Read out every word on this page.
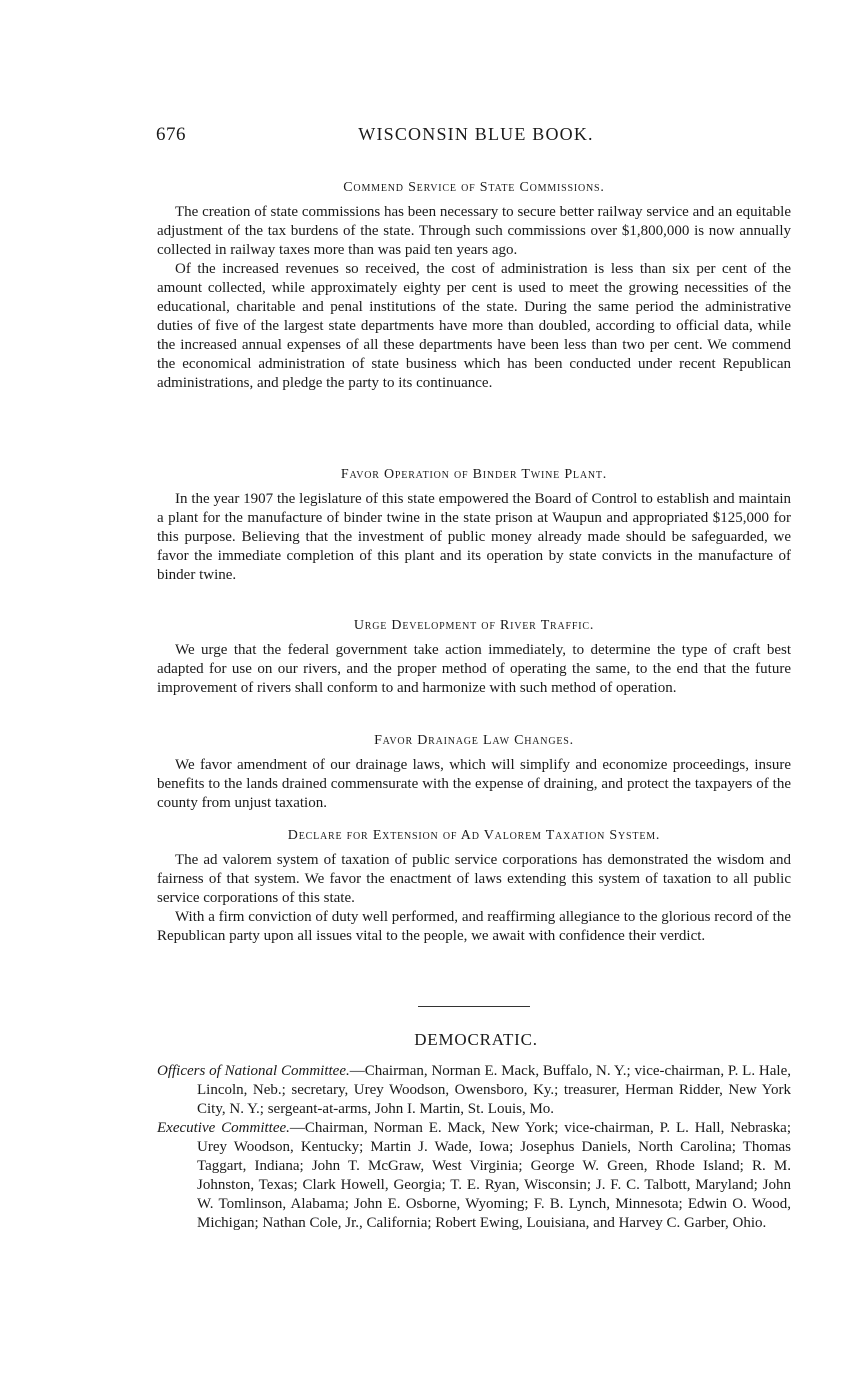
676	WISCONSIN BLUE BOOK.

Commend Service of State Commissions.

The creation of state commissions has been necessary to secure better railway service and an equitable adjustment of the tax burdens of the state. Through such commissions over $1,800,000 is now annually collected in railway taxes more than was paid ten years ago.

Of the increased revenues so received, the cost of administration is less than six per cent of the amount collected, while approximately eighty per cent is used to meet the growing necessities of the educational, charitable and penal institutions of the state. During the same period the administrative duties of five of the largest state departments have more than doubled, according to official data, while the increased annual expenses of all these departments have been less than two per cent. We commend the economical administration of state business which has been conducted under recent Republican administrations, and pledge the party to its continuance.

Favor Operation of Binder Twine Plant.

In the year 1907 the legislature of this state empowered the Board of Control to establish and maintain a plant for the manufacture of binder twine in the state prison at Waupun and appropriated $125,000 for this purpose. Believing that the investment of public money already made should be safeguarded, we favor the immediate completion of this plant and its operation by state convicts in the manufacture of binder twine.

Urge Development of River Traffic.

We urge that the federal government take action immediately, to determine the type of craft best adapted for use on our rivers, and the proper method of operating the same, to the end that the future improvement of rivers shall conform to and harmonize with such method of operation.

Favor Drainage Law Changes.

We favor amendment of our drainage laws, which will simplify and economize proceedings, insure benefits to the lands drained commensurate with the expense of draining, and protect the taxpayers of the county from unjust taxation.

Declare for Extension of Ad Valorem Taxation System.

The ad valorem system of taxation of public service corporations has demonstrated the wisdom and fairness of that system. We favor the enactment of laws extending this system of taxation to all public service corporations of this state.

With a firm conviction of duty well performed, and reaffirming allegiance to the glorious record of the Republican party upon all issues vital to the people, we await with confidence their verdict.

DEMOCRATIC.

Officers of National Committee.—Chairman, Norman E. Mack, Buffalo, N. Y.; vice-chairman, P. L. Hale, Lincoln, Neb.; secretary, Urey Woodson, Owensboro, Ky.; treasurer, Herman Ridder, New York City, N. Y.; sergeant-at-arms, John I. Martin, St. Louis, Mo.

Executive Committee.—Chairman, Norman E. Mack, New York; vice-chairman, P. L. Hall, Nebraska; Urey Woodson, Kentucky; Martin J. Wade, Iowa; Josephus Daniels, North Carolina; Thomas Taggart, Indiana; John T. McGraw, West Virginia; George W. Green, Rhode Island; R. M. Johnston, Texas; Clark Howell, Georgia; T. E. Ryan, Wisconsin; J. F. C. Talbott, Maryland; John W. Tomlinson, Alabama; John E. Osborne, Wyoming; F. B. Lynch, Minnesota; Edwin O. Wood, Michigan; Nathan Cole, Jr., California; Robert Ewing, Louisiana, and Harvey C. Garber, Ohio.
